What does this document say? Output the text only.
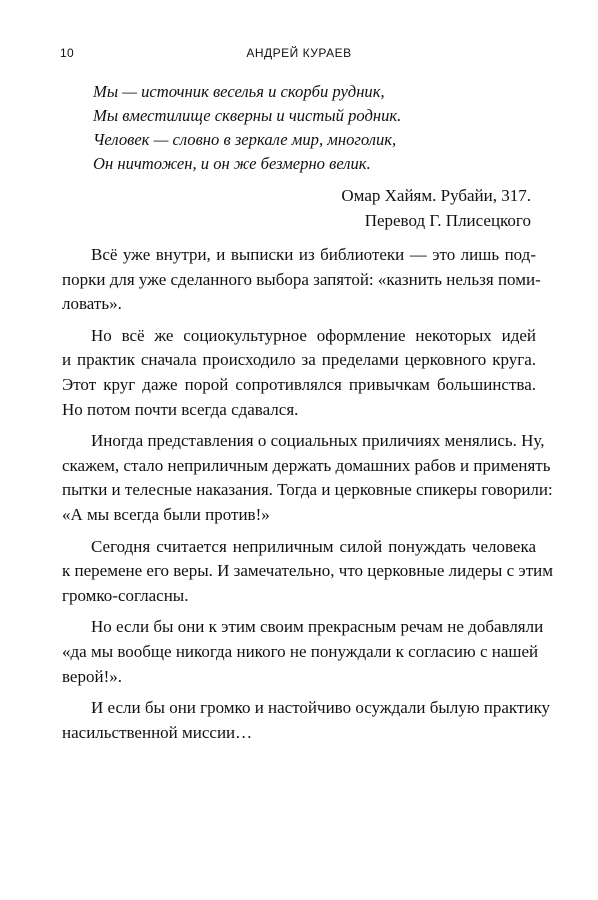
10	АНДРЕЙ КУРАЕВ
Мы — источник веселья и скорби рудник,
Мы вместилище скверны и чистый родник.
Человек — словно в зеркале мир, многолик,
Он ничтожен, и он же безмерно велик.
Омар Хайям. Рубайи, 317.
Перевод Г. Плисецкого
Всё уже внутри, и выписки из библиотеки — это лишь под-
порки для уже сделанного выбора запятой: «казнить нельзя поми-
ловать».
Но всё же социокультурное оформление некоторых идей
и практик сначала происходило за пределами церковного круга.
Этот круг даже порой сопротивлялся привычкам большинства.
Но потом почти всегда сдавался.
Иногда представления о социальных приличиях менялись. Ну,
скажем, стало неприличным держать домашних рабов и применять
пытки и телесные наказания. Тогда и церковные спикеры говорили:
«А мы всегда были против!»
Сегодня считается неприличным силой понуждать человека
к перемене его веры. И замечательно, что церковные лидеры с этим
громко-согласны.
Но если бы они к этим своим прекрасным речам не добавляли
«да мы вообще никогда никого не понуждали к согласию с нашей
верой!».
И если бы они громко и настойчиво осуждали былую практику
насильственной миссии…
